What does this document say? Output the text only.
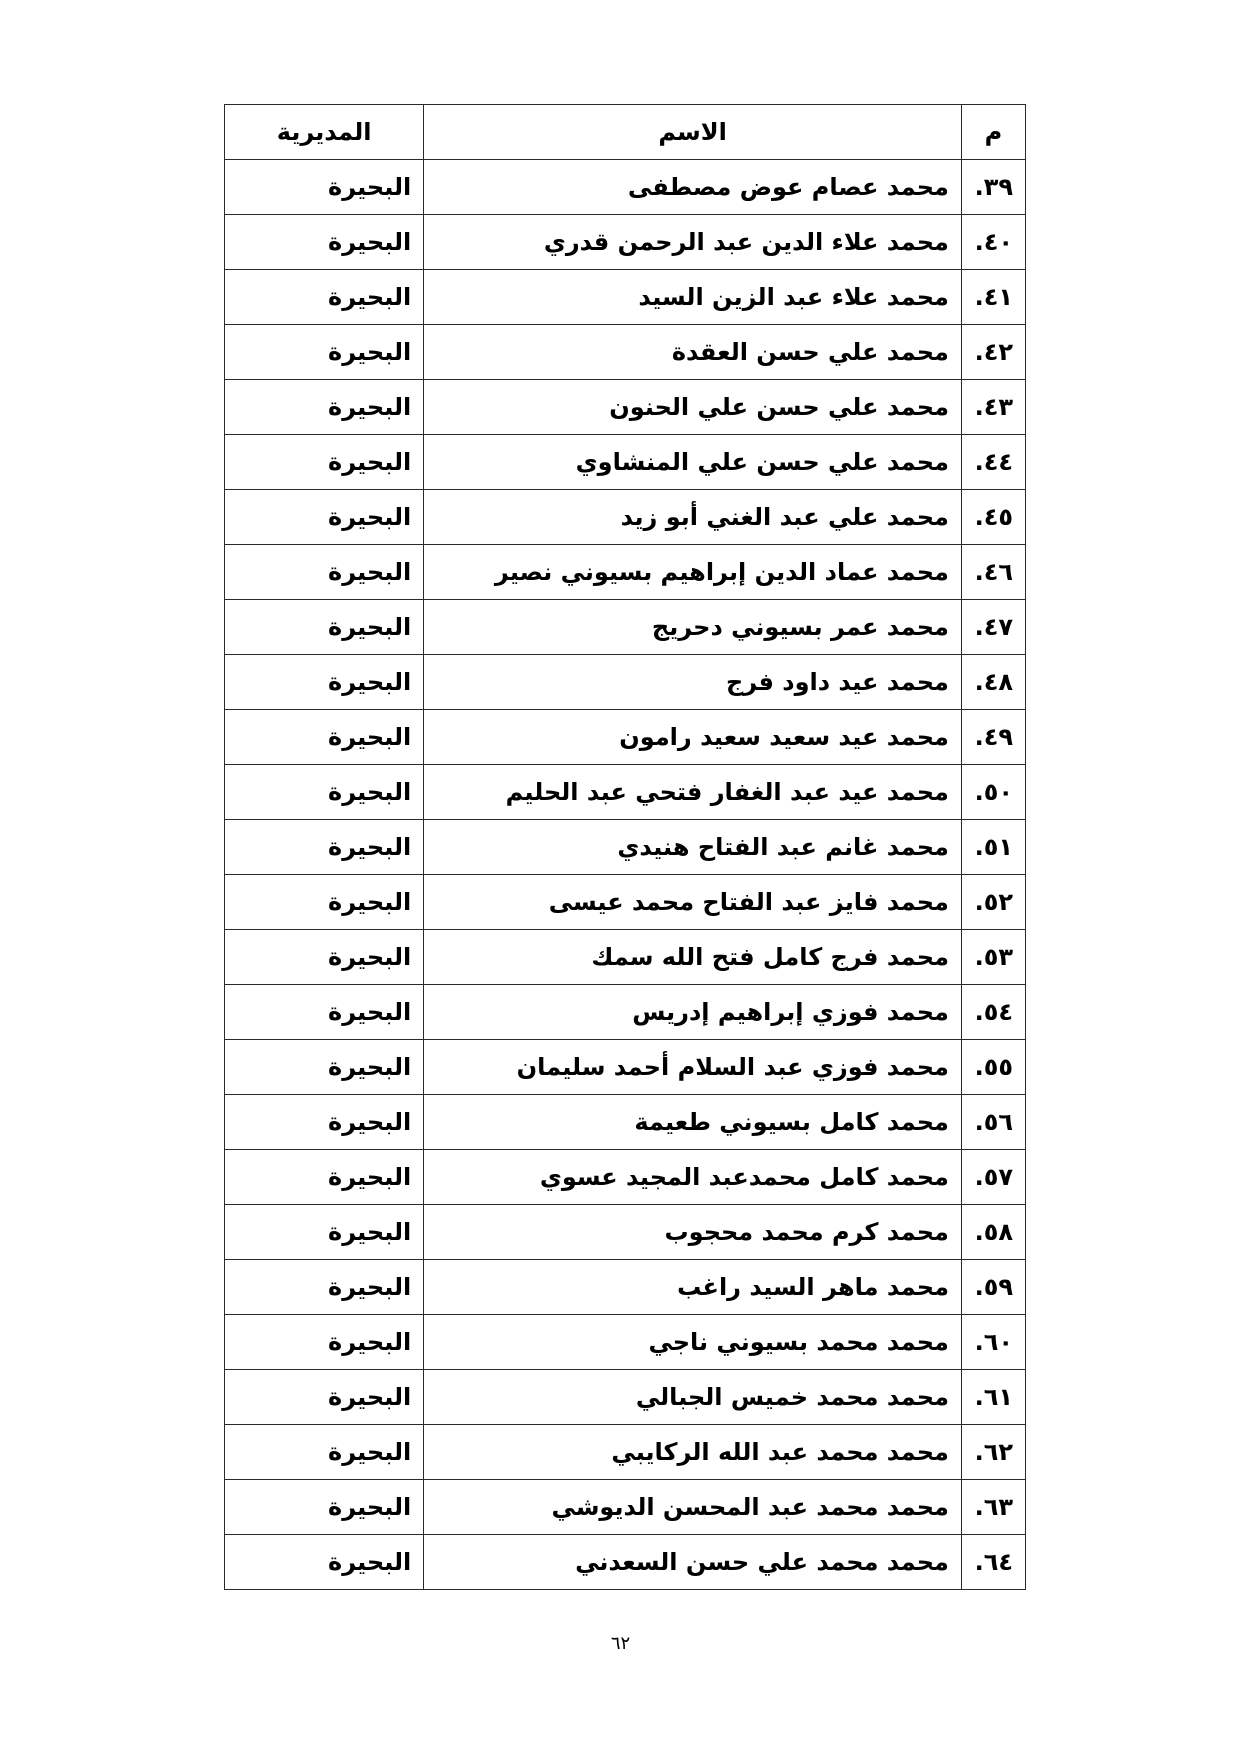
م	الاسم	المديرية
٣٩.	محمد عصام عوض مصطفى	البحيرة
٤٠.	محمد علاء الدين عبد الرحمن قدري	البحيرة
٤١.	محمد علاء عبد الزين السيد	البحيرة
٤٢.	محمد علي حسن العقدة	البحيرة
٤٣.	محمد علي حسن علي الحنون	البحيرة
٤٤.	محمد علي حسن علي المنشاوي	البحيرة
٤٥.	محمد علي عبد الغني أبو زيد	البحيرة
٤٦.	محمد عماد الدين إبراهيم بسيوني نصير	البحيرة
٤٧.	محمد عمر بسيوني دحريج	البحيرة
٤٨.	محمد عيد داود فرج	البحيرة
٤٩.	محمد عيد سعيد سعيد رامون	البحيرة
٥٠.	محمد عيد عبد الغفار فتحي عبد الحليم	البحيرة
٥١.	محمد غانم عبد الفتاح هنيدي	البحيرة
٥٢.	محمد فايز عبد الفتاح محمد عيسى	البحيرة
٥٣.	محمد فرج كامل فتح الله سمك	البحيرة
٥٤.	محمد فوزي إبراهيم إدريس	البحيرة
٥٥.	محمد فوزي عبد السلام أحمد سليمان	البحيرة
٥٦.	محمد كامل بسيوني طعيمة	البحيرة
٥٧.	محمد كامل محمدعبد المجيد عسوي	البحيرة
٥٨.	محمد كرم محمد محجوب	البحيرة
٥٩.	محمد ماهر السيد راغب	البحيرة
٦٠.	محمد محمد بسيوني ناجي	البحيرة
٦١.	محمد محمد خميس الجبالي	البحيرة
٦٢.	محمد محمد عبد الله الركايبي	البحيرة
٦٣.	محمد محمد عبد المحسن الديوشي	البحيرة
٦٤.	محمد محمد علي حسن السعدني	البحيرة
٦٢
